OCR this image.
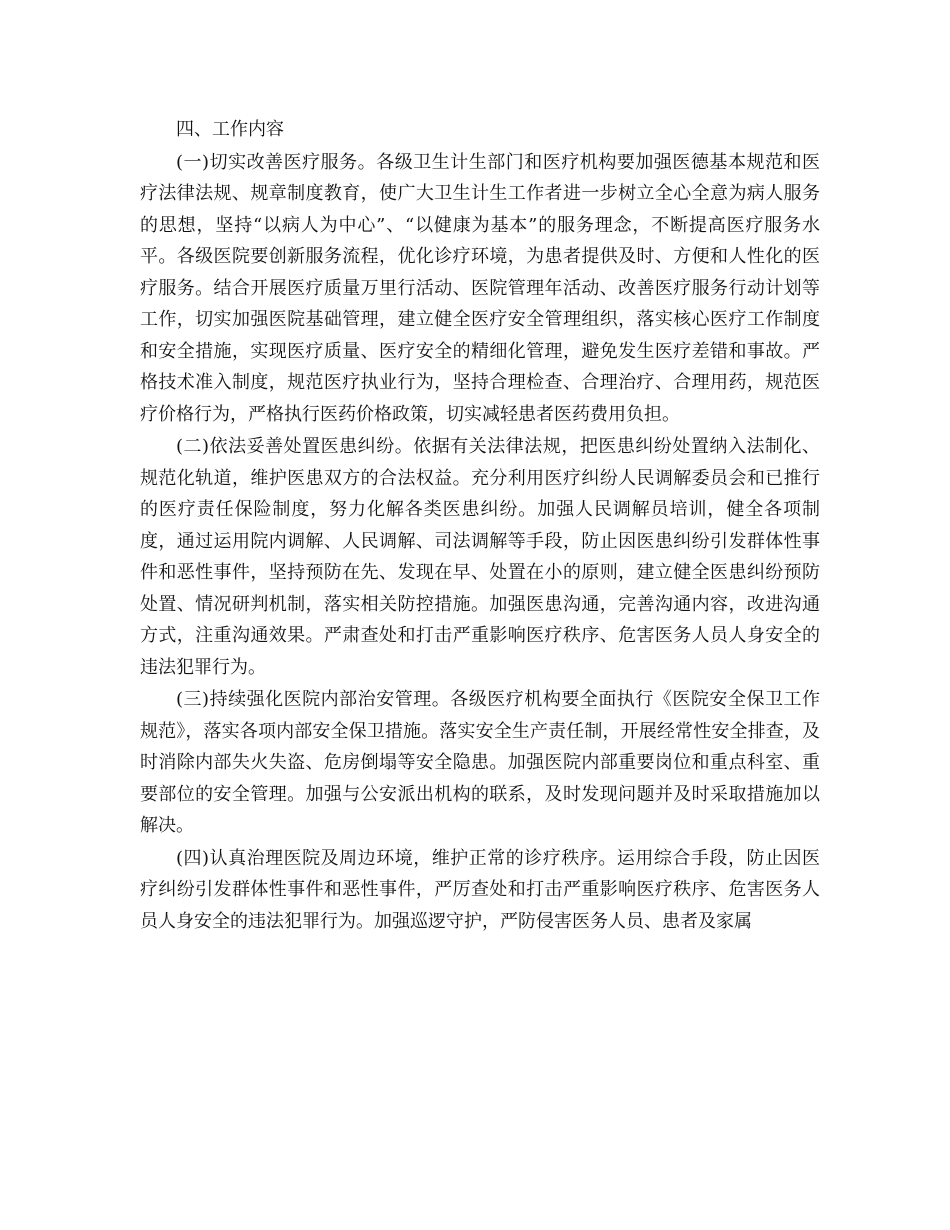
四、工作内容

(一)切实改善医疗服务。各级卫生计生部门和医疗机构要加强医德基本规范和医疗法律法规、规章制度教育，使广大卫生计生工作者进一步树立全心全意为病人服务的思想，坚持“以病人为中心”、“以健康为基本”的服务理念，不断提高医疗服务水平。各级医院要创新服务流程，优化诊疗环境，为患者提供及时、方便和人性化的医疗服务。结合开展医疗质量万里行活动、医院管理年活动、改善医疗服务行动计划等工作，切实加强医院基础管理，建立健全医疗安全管理组织，落实核心医疗工作制度和安全措施，实现医疗质量、医疗安全的精细化管理，避免发生医疗差错和事故。严格技术准入制度，规范医疗执业行为，坚持合理检查、合理治疗、合理用药，规范医疗价格行为，严格执行医药价格政策，切实减轻患者医药费用负担。

(二)依法妥善处置医患纠纷。依据有关法律法规，把医患纠纷处置纳入法制化、规范化轨道，维护医患双方的合法权益。充分利用医疗纠纷人民调解委员会和已推行的医疗责任保险制度，努力化解各类医患纠纷。加强人民调解员培训，健全各项制度，通过运用院内调解、人民调解、司法调解等手段，防止因医患纠纷引发群体性事件和恶性事件，坚持预防在先、发现在早、处置在小的原则，建立健全医患纠纷预防处置、情况研判机制，落实相关防控措施。加强医患沟通，完善沟通内容，改进沟通方式，注重沟通效果。严肃查处和打击严重影响医疗秩序、危害医务人员人身安全的违法犯罪行为。

(三)持续强化医院内部治安管理。各级医疗机构要全面执行《医院安全保卫工作规范》，落实各项内部安全保卫措施。落实安全生产责任制，开展经常性安全排查，及时消除内部失火失盗、危房倒塌等安全隐患。加强医院内部重要岗位和重点科室、重要部位的安全管理。加强与公安派出机构的联系，及时发现问题并及时采取措施加以解决。

(四)认真治理医院及周边环境，维护正常的诊疗秩序。运用综合手段，防止因医疗纠纷引发群体性事件和恶性事件，严厉查处和打击严重影响医疗秩序、危害医务人员人身安全的违法犯罪行为。加强巡逻守护，严防侵害医务人员、患者及家属
